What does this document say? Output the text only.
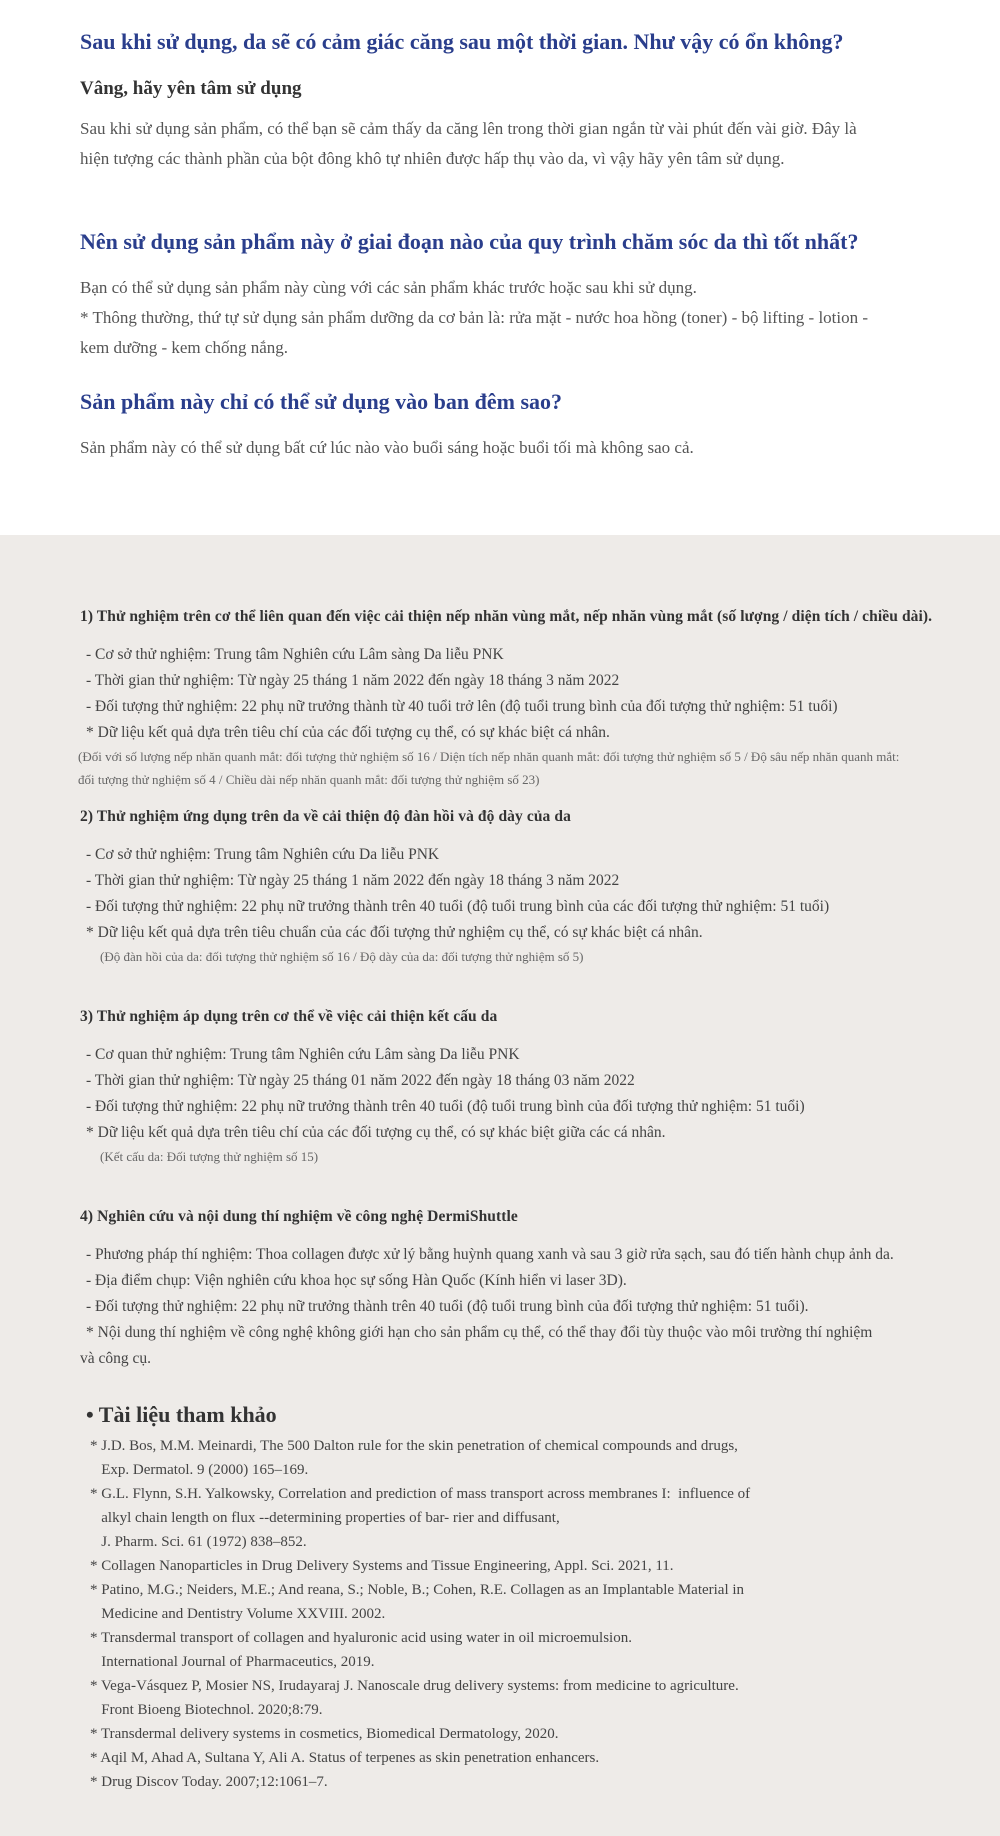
Sau khi sử dụng, da sẽ có cảm giác căng sau một thời gian. Như vậy có ổn không?
Vâng, hãy yên tâm sử dụng
Sau khi sử dụng sản phẩm, có thể bạn sẽ cảm thấy da căng lên trong thời gian ngắn từ vài phút đến vài giờ. Đây là
hiện tượng các thành phần của bột đông khô tự nhiên được hấp thụ vào da, vì vậy hãy yên tâm sử dụng.
Nên sử dụng sản phẩm này ở giai đoạn nào của quy trình chăm sóc da thì tốt nhất?
Bạn có thể sử dụng sản phẩm này cùng với các sản phẩm khác trước hoặc sau khi sử dụng.
* Thông thường, thứ tự sử dụng sản phẩm dưỡng da cơ bản là: rửa mặt - nước hoa hồng (toner) - bộ lifting - lotion -
kem dưỡng - kem chống nắng.
Sản phẩm này chỉ có thể sử dụng vào ban đêm sao?
Sản phẩm này có thể sử dụng bất cứ lúc nào vào buổi sáng hoặc buổi tối mà không sao cả.
1) Thử nghiệm trên cơ thể liên quan đến việc cải thiện nếp nhăn vùng mắt, nếp nhăn vùng mắt (số lượng / diện tích / chiều dài).
- Cơ sở thử nghiệm: Trung tâm Nghiên cứu Lâm sàng Da liễu PNK
- Thời gian thử nghiệm: Từ ngày 25 tháng 1 năm 2022 đến ngày 18 tháng 3 năm 2022
- Đối tượng thử nghiệm: 22 phụ nữ trưởng thành từ 40 tuổi trở lên (độ tuổi trung bình của đối tượng thử nghiệm: 51 tuổi)
* Dữ liệu kết quả dựa trên tiêu chí của các đối tượng cụ thể, có sự khác biệt cá nhân.
(Đối với số lượng nếp nhăn quanh mắt: đối tượng thử nghiệm số 16 / Diện tích nếp nhăn quanh mắt: đối tượng thử nghiệm số 5 / Độ sâu nếp nhăn quanh mắt:
đối tượng thử nghiệm số 4 / Chiều dài nếp nhăn quanh mắt: đối tượng thử nghiệm số 23)
2) Thử nghiệm ứng dụng trên da về cải thiện độ đàn hồi và độ dày của da
- Cơ sở thử nghiệm: Trung tâm Nghiên cứu Da liễu PNK
- Thời gian thử nghiệm: Từ ngày 25 tháng 1 năm 2022 đến ngày 18 tháng 3 năm 2022
- Đối tượng thử nghiệm: 22 phụ nữ trưởng thành trên 40 tuổi (độ tuổi trung bình của các đối tượng thử nghiệm: 51 tuổi)
* Dữ liệu kết quả dựa trên tiêu chuẩn của các đối tượng thử nghiệm cụ thể, có sự khác biệt cá nhân.
(Độ đàn hồi của da: đối tượng thử nghiệm số 16 / Độ dày của da: đối tượng thử nghiệm số 5)
3) Thử nghiệm áp dụng trên cơ thể về việc cải thiện kết cấu da
- Cơ quan thử nghiệm: Trung tâm Nghiên cứu Lâm sàng Da liễu PNK
- Thời gian thử nghiệm: Từ ngày 25 tháng 01 năm 2022 đến ngày 18 tháng 03 năm 2022
- Đối tượng thử nghiệm: 22 phụ nữ trưởng thành trên 40 tuổi (độ tuổi trung bình của đối tượng thử nghiệm: 51 tuổi)
* Dữ liệu kết quả dựa trên tiêu chí của các đối tượng cụ thể, có sự khác biệt giữa các cá nhân.
(Kết cấu da: Đối tượng thử nghiệm số 15)
4) Nghiên cứu và nội dung thí nghiệm về công nghệ DermiShuttle
- Phương pháp thí nghiệm: Thoa collagen được xử lý bằng huỳnh quang xanh và sau 3 giờ rửa sạch, sau đó tiến hành chụp ảnh da.
- Địa điểm chụp: Viện nghiên cứu khoa học sự sống Hàn Quốc (Kính hiển vi laser 3D).
- Đối tượng thử nghiệm: 22 phụ nữ trưởng thành trên 40 tuổi (độ tuổi trung bình của đối tượng thử nghiệm: 51 tuổi).
* Nội dung thí nghiệm về công nghệ không giới hạn cho sản phẩm cụ thể, có thể thay đổi tùy thuộc vào môi trường thí nghiệm
và công cụ.
• Tài liệu tham khảo
* J.D. Bos, M.M. Meinardi, The 500 Dalton rule for the skin penetration of chemical compounds and drugs,
Exp. Dermatol. 9 (2000) 165–169.
* G.L. Flynn, S.H. Yalkowsky, Correlation and prediction of mass transport across membranes I:  influence of
alkyl chain length on flux --determining properties of bar- rier and diffusant,
J. Pharm. Sci. 61 (1972) 838–852.
* Collagen Nanoparticles in Drug Delivery Systems and Tissue Engineering, Appl. Sci. 2021, 11.
* Patino, M.G.; Neiders, M.E.; And reana, S.; Noble, B.; Cohen, R.E. Collagen as an Implantable Material in
Medicine and Dentistry Volume XXVIII. 2002.
* Transdermal transport of collagen and hyaluronic acid using water in oil microemulsion.
International Journal of Pharmaceutics, 2019.
* Vega-Vásquez P, Mosier NS, Irudayaraj J. Nanoscale drug delivery systems: from medicine to agriculture.
Front Bioeng Biotechnol. 2020;8:79.
* Transdermal delivery systems in cosmetics, Biomedical Dermatology, 2020.
* Aqil M, Ahad A, Sultana Y, Ali A. Status of terpenes as skin penetration enhancers.
* Drug Discov Today. 2007;12:1061–7.
